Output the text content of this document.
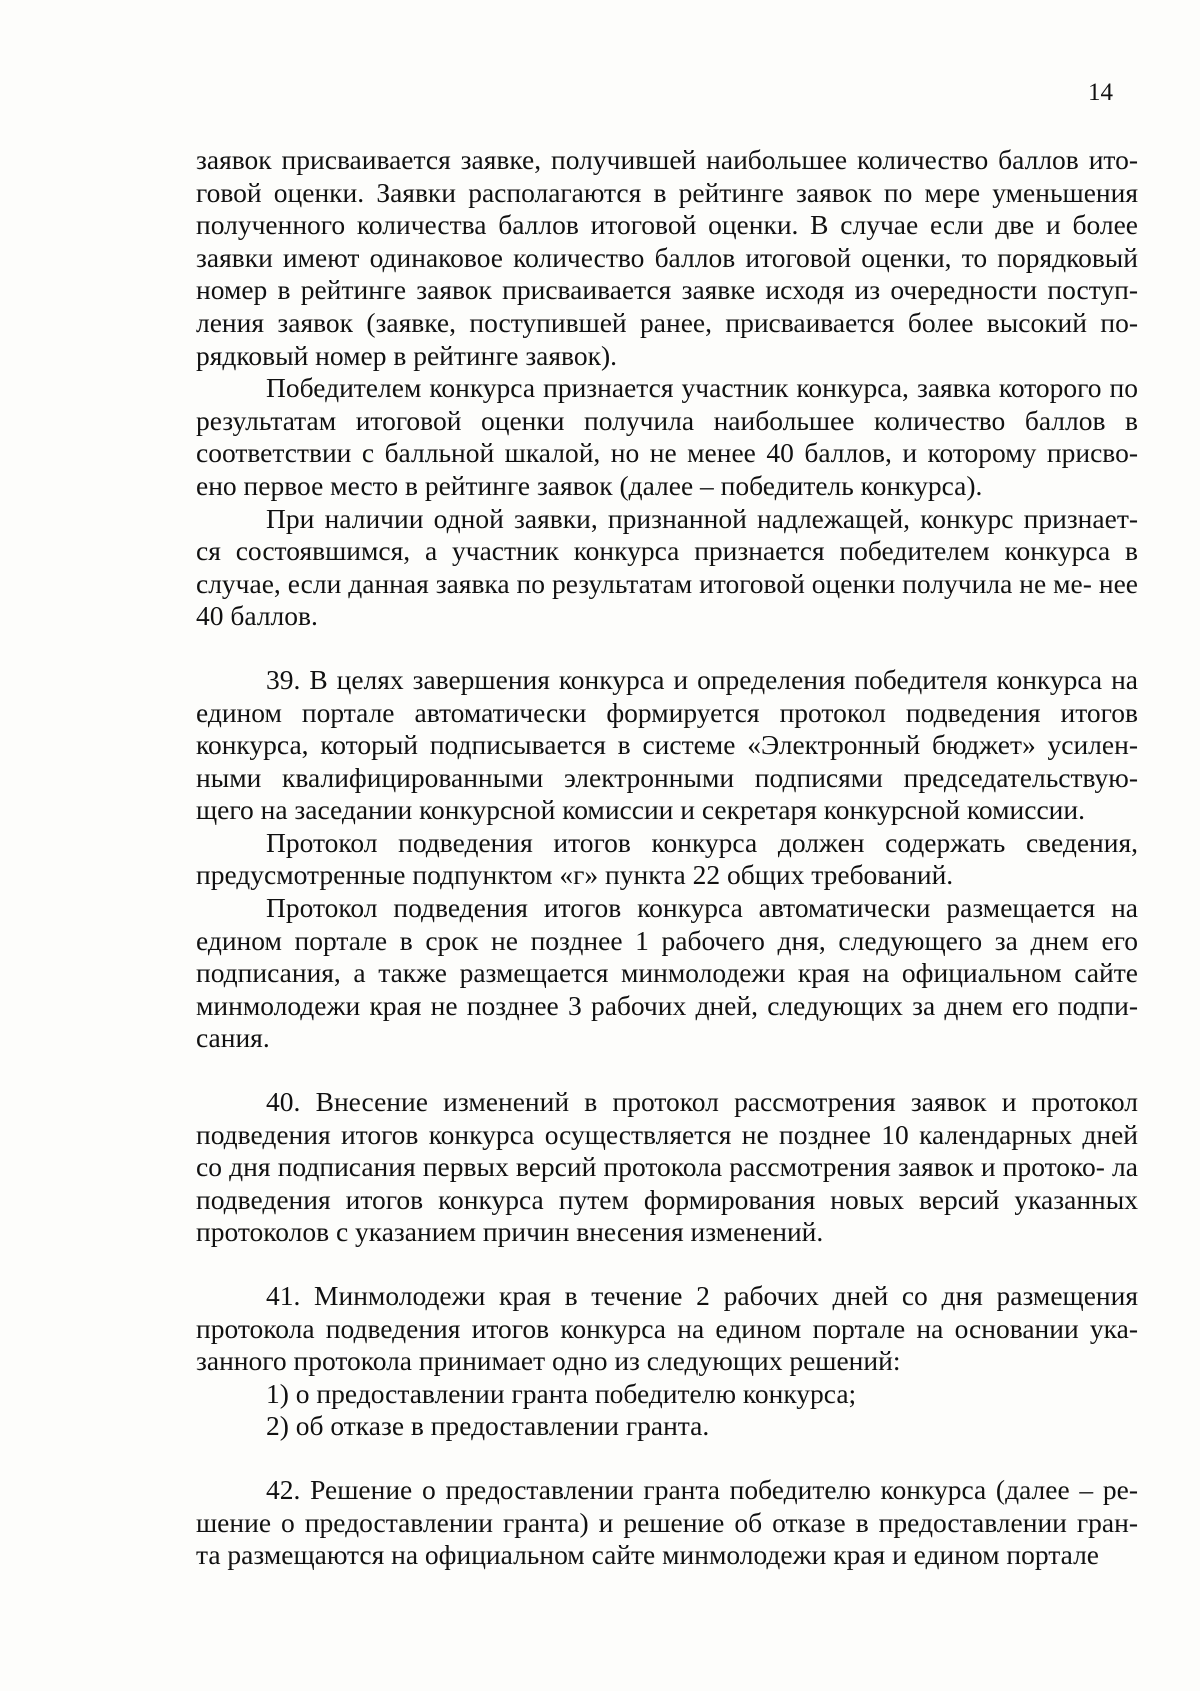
14

заявок присваивается заявке, получившей наибольшее количество баллов ито- говой оценки. Заявки располагаются в рейтинге заявок по мере уменьшения полученного количества баллов итоговой оценки. В случае если две и более заявки имеют одинаковое количество баллов итоговой оценки, то порядковый номер в рейтинге заявок присваивается заявке исходя из очередности поступ- ления заявок (заявке, поступившей ранее, присваивается более высокий по- рядковый номер в рейтинге заявок).

Победителем конкурса признается участник конкурса, заявка которого по результатам итоговой оценки получила наибольшее количество баллов в соответствии с балльной шкалой, но не менее 40 баллов, и которому присво- ено первое место в рейтинге заявок (далее – победитель конкурса).

При наличии одной заявки, признанной надлежащей, конкурс признает- ся состоявшимся, а участник конкурса признается победителем конкурса в случае, если данная заявка по результатам итоговой оценки получила не ме- нее 40 баллов.

39. В целях завершения конкурса и определения победителя конкурса на едином портале автоматически формируется протокол подведения итогов конкурса, который подписывается в системе «Электронный бюджет» усилен- ными квалифицированными электронными подписями председательствую- щего на заседании конкурсной комиссии и секретаря конкурсной комиссии.

Протокол подведения итогов конкурса должен содержать сведения, предусмотренные подпунктом «г» пункта 22 общих требований.

Протокол подведения итогов конкурса автоматически размещается на едином портале в срок не позднее 1 рабочего дня, следующего за днем его подписания, а также размещается минмолодежи края на официальном сайте минмолодежи края не позднее 3 рабочих дней, следующих за днем его подпи- сания.

40. Внесение изменений в протокол рассмотрения заявок и протокол подведения итогов конкурса осуществляется не позднее 10 календарных дней со дня подписания первых версий протокола рассмотрения заявок и протоко- ла подведения итогов конкурса путем формирования новых версий указанных протоколов с указанием причин внесения изменений.

41. Минмолодежи края в течение 2 рабочих дней со дня размещения протокола подведения итогов конкурса на едином портале на основании ука- занного протокола принимает одно из следующих решений:

1) о предоставлении гранта победителю конкурса;

2) об отказе в предоставлении гранта.

42. Решение о предоставлении гранта победителю конкурса (далее – ре- шение о предоставлении гранта) и решение об отказе в предоставлении гран- та размещаются на официальном сайте минмолодежи края и едином портале
